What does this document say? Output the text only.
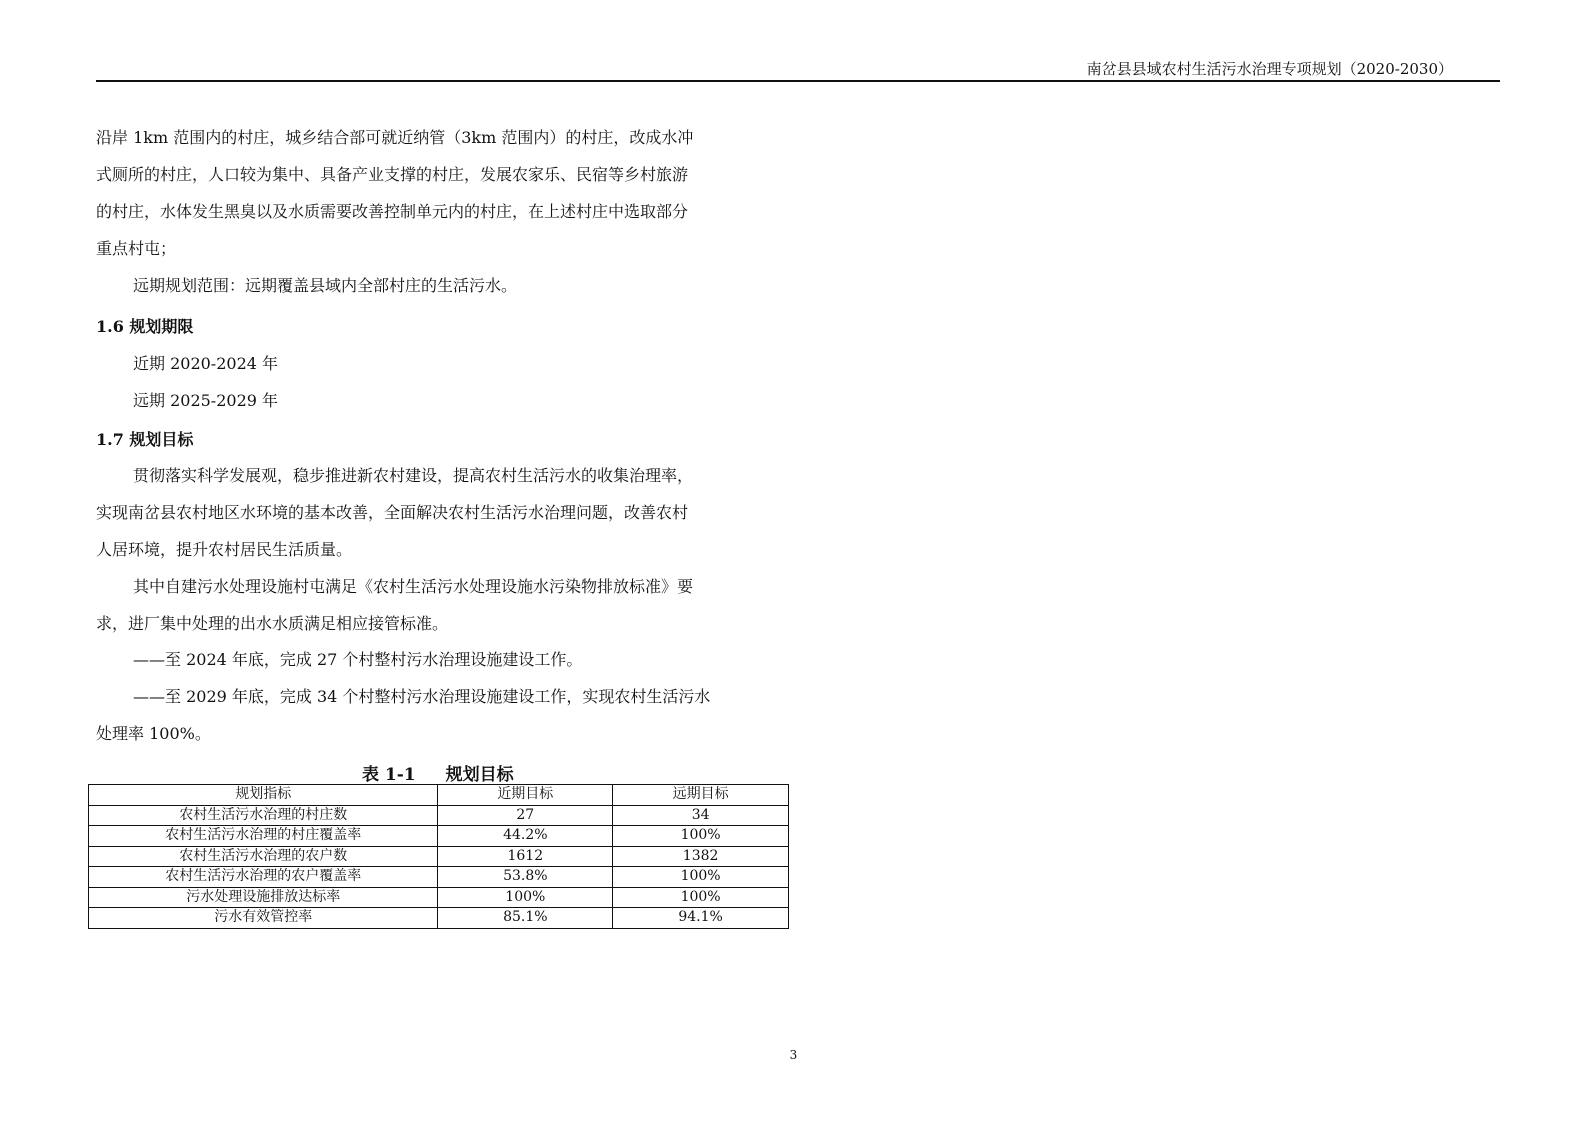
南岔县县域农村生活污水治理专项规划（2020-2030）
沿岸 1km 范围内的村庄，城乡结合部可就近纳管（3km 范围内）的村庄，改成水冲
式厕所的村庄，人口较为集中、具备产业支撑的村庄，发展农家乐、民宿等乡村旅游
的村庄，水体发生黑臭以及水质需要改善控制单元内的村庄，在上述村庄中选取部分
重点村屯；
远期规划范围：远期覆盖县域内全部村庄的生活污水。
1.6 规划期限
近期 2020-2024 年
远期 2025-2029 年
1.7 规划目标
贯彻落实科学发展观，稳步推进新农村建设，提高农村生活污水的收集治理率，
实现南岔县农村地区水环境的基本改善，全面解决农村生活污水治理问题，改善农村
人居环境，提升农村居民生活质量。
其中自建污水处理设施村屯满足《农村生活污水处理设施水污染物排放标准》要
求，进厂集中处理的出水水质满足相应接管标准。
——至 2024 年底，完成 27 个村整村污水治理设施建设工作。
——至 2029 年底，完成 34 个村整村污水治理设施建设工作，实现农村生活污水
处理率 100%。
表 1-1 规划目标
规划指标	近期目标	远期目标
农村生活污水治理的村庄数	27	34
农村生活污水治理的村庄覆盖率	44.2%	100%
农村生活污水治理的农户数	1612	1382
农村生活污水治理的农户覆盖率	53.8%	100%
污水处理设施排放达标率	100%	100%
污水有效管控率	85.1%	94.1%
3
